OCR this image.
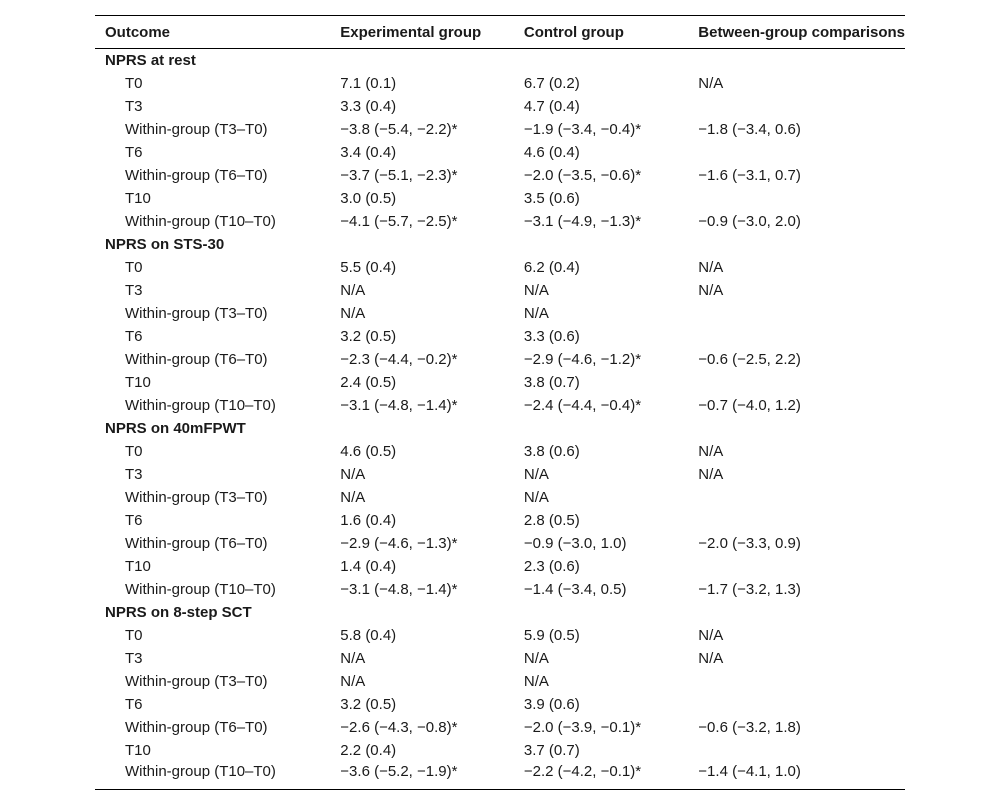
Outcome	Experimental group	Control group	Between-group comparisons
NPRS at rest			
T0	7.1 (0.1)	6.7 (0.2)	N/A
T3	3.3 (0.4)	4.7 (0.4)	
Within-group (T3–T0)	−3.8 (−5.4, −2.2)*	−1.9 (−3.4, −0.4)*	−1.8 (−3.4, 0.6)
T6	3.4 (0.4)	4.6 (0.4)	
Within-group (T6–T0)	−3.7 (−5.1, −2.3)*	−2.0 (−3.5, −0.6)*	−1.6 (−3.1, 0.7)
T10	3.0 (0.5)	3.5 (0.6)	
Within-group (T10–T0)	−4.1 (−5.7, −2.5)*	−3.1 (−4.9, −1.3)*	−0.9 (−3.0, 2.0)
NPRS on STS-30			
T0	5.5 (0.4)	6.2 (0.4)	N/A
T3	N/A	N/A	N/A
Within-group (T3–T0)	N/A	N/A	
T6	3.2 (0.5)	3.3 (0.6)	
Within-group (T6–T0)	−2.3 (−4.4, −0.2)*	−2.9 (−4.6, −1.2)*	−0.6 (−2.5, 2.2)
T10	2.4 (0.5)	3.8 (0.7)	
Within-group (T10–T0)	−3.1 (−4.8, −1.4)*	−2.4 (−4.4, −0.4)*	−0.7 (−4.0, 1.2)
NPRS on 40mFPWT			
T0	4.6 (0.5)	3.8 (0.6)	N/A
T3	N/A	N/A	N/A
Within-group (T3–T0)	N/A	N/A	
T6	1.6 (0.4)	2.8 (0.5)	
Within-group (T6–T0)	−2.9 (−4.6, −1.3)*	−0.9 (−3.0, 1.0)	−2.0 (−3.3, 0.9)
T10	1.4 (0.4)	2.3 (0.6)	
Within-group (T10–T0)	−3.1 (−4.8, −1.4)*	−1.4 (−3.4, 0.5)	−1.7 (−3.2, 1.3)
NPRS on 8-step SCT			
T0	5.8 (0.4)	5.9 (0.5)	N/A
T3	N/A	N/A	N/A
Within-group (T3–T0)	N/A	N/A	
T6	3.2 (0.5)	3.9 (0.6)	
Within-group (T6–T0)	−2.6 (−4.3, −0.8)*	−2.0 (−3.9, −0.1)*	−0.6 (−3.2, 1.8)
T10	2.2 (0.4)	3.7 (0.7)	
Within-group (T10–T0)	−3.6 (−5.2, −1.9)*	−2.2 (−4.2, −0.1)*	−1.4 (−4.1, 1.0)
